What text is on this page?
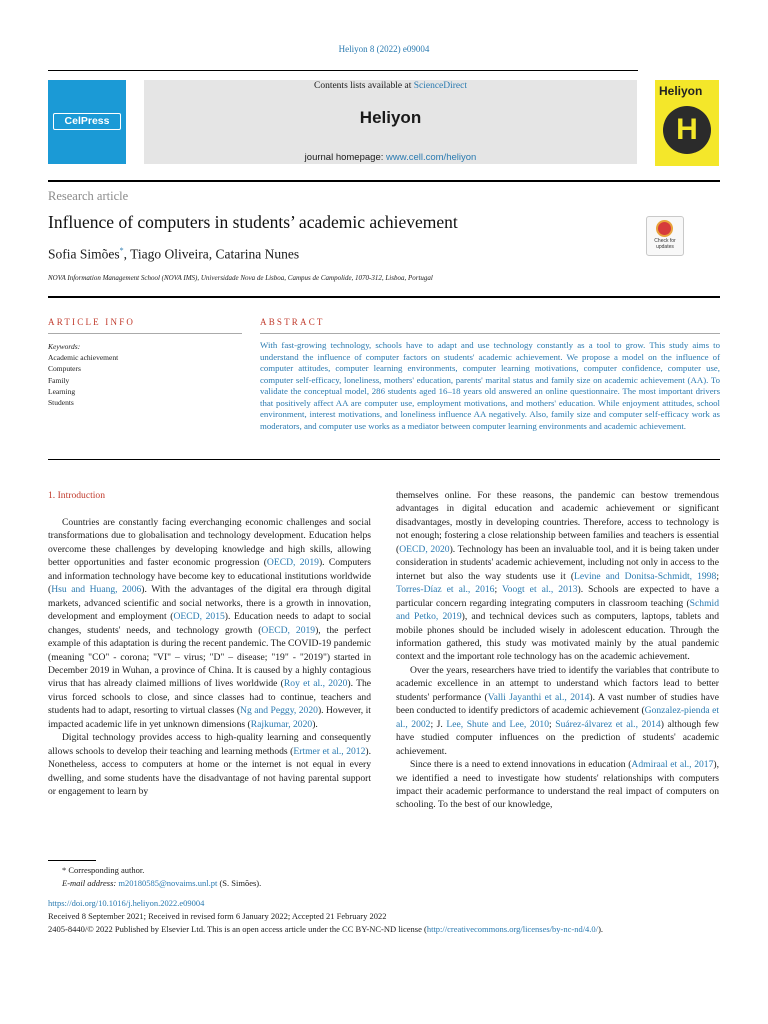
Heliyon 8 (2022) e09004
CelPress
Contents lists available at ScienceDirect
Heliyon
journal homepage: www.cell.com/heliyon
Heliyon
H
Research article
Influence of computers in students’ academic achievement
Check for updates
Sofia Simões*, Tiago Oliveira, Catarina Nunes
NOVA Information Management School (NOVA IMS), Universidade Nova de Lisboa, Campus de Campolide, 1070-312, Lisboa, Portugal
ARTICLE INFO	ABSTRACT
Keywords:
Academic achievement
Computers
Family
Learning
Students
With fast-growing technology, schools have to adapt and use technology constantly as a tool to grow. This study aims to understand the influence of computer factors on students' academic achievement. We propose a model on the influence of computer attitudes, computer learning environments, computer learning motivations, computer confidence, computer use, computer self-efficacy, loneliness, mothers' education, parents' marital status and family size on academic achievement (AA). To validate the conceptual model, 286 students aged 16–18 years old answered an online questionnaire. The most important drivers that positively affect AA are computer use, employment motivations, and mothers' education. While enjoyment attitudes, school environment, interest motivations, and loneliness influence AA negatively. Also, family size and computer self-efficacy work as moderators, and computer use works as a mediator between computer learning environments and academic achievement.
1. Introduction

Countries are constantly facing everchanging economic challenges and social transformations due to globalisation and technology development. Education helps overcome these challenges by developing knowledge and high skills, allowing better opportunities and faster economic progression (OECD, 2019). Computers and information technology have become key to educational institutions worldwide (Hsu and Huang, 2006). With the advantages of the digital era through digital markets, advanced scientific and social networks, there is a growth in innovation, development and employment (OECD, 2015). Education needs to adapt to social changes, students' needs, and technology growth (OECD, 2019), the perfect example of this adaptation is during the recent pandemic. The COVID-19 pandemic (meaning "CO" - corona; "VI" – virus; "D" – disease; "19" - "2019") started in December 2019 in Wuhan, a province of China. It is caused by a highly contagious virus that has already claimed millions of lives worldwide (Roy et al., 2020). The virus forced schools to close, and since classes had to continue, teachers and students had to adapt, resorting to virtual classes (Ng and Peggy, 2020). However, it impacted academic life in yet unknown dimensions (Rajkumar, 2020).

Digital technology provides access to high-quality learning and consequently allows schools to develop their teaching and learning methods (Ertmer et al., 2012). Nonetheless, access to computers at home or the internet is not equal in every dwelling, and some students have the disadvantage of not having parental support or engagement to learn by

themselves online. For these reasons, the pandemic can bestow tremendous advantages in digital education and academic achievement or significant disadvantages, mostly in developing countries. Therefore, access to technology is not enough; fostering a close relationship between families and teachers is essential (OECD, 2020). Technology has been an invaluable tool, and it is being taken under consideration in students' academic achievement, including not only in access to the internet but also the way students use it (Levine and Donitsa-Schmidt, 1998; Torres-Díaz et al., 2016; Voogt et al., 2013). Schools are expected to have a particular concern regarding integrating computers in classroom teaching (Schmid and Petko, 2019), and technical devices such as computers, laptops, tablets and mobile phones should be included wisely in adolescent education. Through the information gathered, this study was motivated mainly by the atual pandemic context and the important role technology has on the academic achievement.

Over the years, researchers have tried to identify the variables that contribute to academic excellence in an attempt to understand which factors lead to better students' performance (Valli Jayanthi et al., 2014). A vast number of studies have been conducted to identify predictors of academic achievement (Gonzalez-pienda et al., 2002; J. Lee, Shute and Lee, 2010; Suárez-álvarez et al., 2014) although few have studied computer influences on the prediction of students' academic achievement.

Since there is a need to extend innovations in education (Admiraal et al., 2017), we identified a need to investigate how students' relationships with computers impact their academic performance to understand the real impact of computers on schooling. To the best of our knowledge,

* Corresponding author.
E-mail address: m20180585@novaims.unl.pt (S. Simões).
https://doi.org/10.1016/j.heliyon.2022.e09004
Received 8 September 2021; Received in revised form 6 January 2022; Accepted 21 February 2022
2405-8440/© 2022 Published by Elsevier Ltd. This is an open access article under the CC BY-NC-ND license (http://creativecommons.org/licenses/by-nc-nd/4.0/).
